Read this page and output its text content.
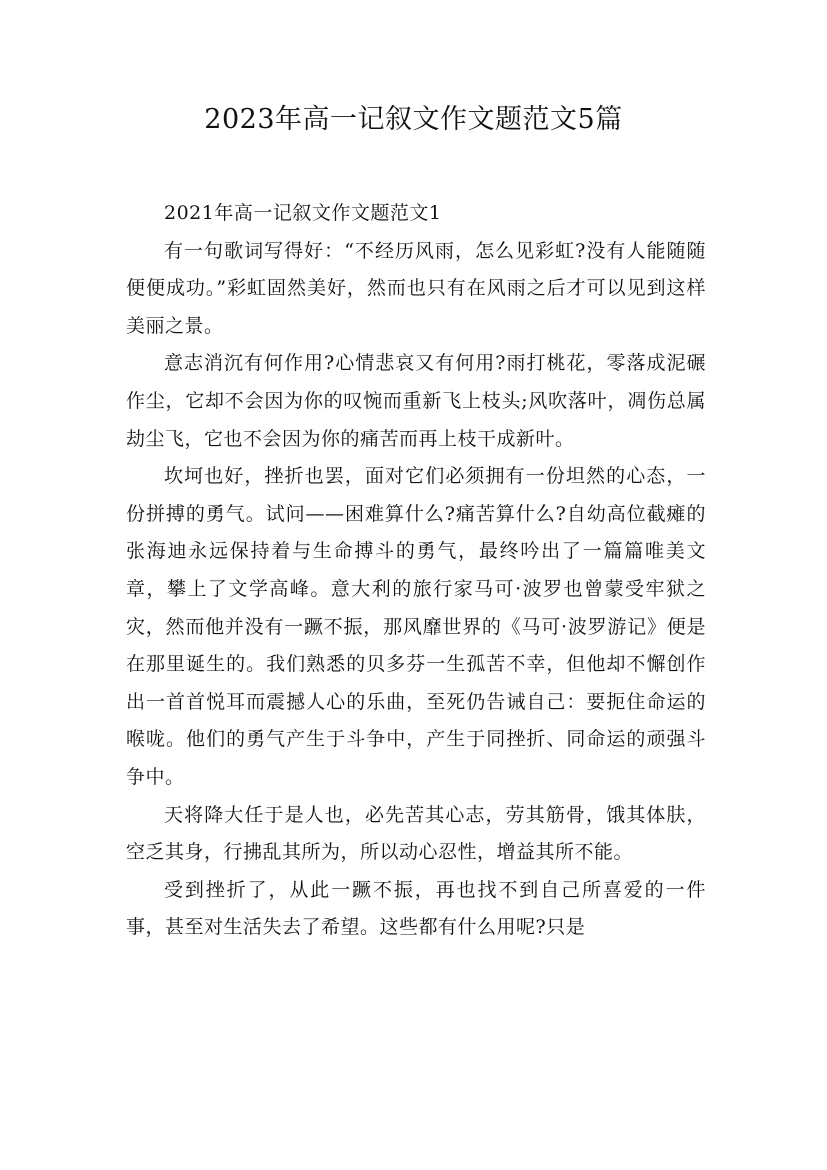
2023年高一记叙文作文题范文5篇

2021年高一记叙文作文题范文1

有一句歌词写得好：“不经历风雨，怎么见彩虹?没有人能随随便便成功。”彩虹固然美好，然而也只有在风雨之后才可以见到这样美丽之景。

意志消沉有何作用?心情悲哀又有何用?雨打桃花，零落成泥碾作尘，它却不会因为你的叹惋而重新飞上枝头;风吹落叶，凋伤总属劫尘飞，它也不会因为你的痛苦而再上枝干成新叶。

坎坷也好，挫折也罢，面对它们必须拥有一份坦然的心态，一份拼搏的勇气。试问——困难算什么?痛苦算什么?自幼高位截瘫的张海迪永远保持着与生命搏斗的勇气，最终吟出了一篇篇唯美文章，攀上了文学高峰。意大利的旅行家马可·波罗也曾蒙受牢狱之灾，然而他并没有一蹶不振，那风靡世界的《马可·波罗游记》便是在那里诞生的。我们熟悉的贝多芬一生孤苦不幸，但他却不懈创作出一首首悦耳而震撼人心的乐曲，至死仍告诫自己：要扼住命运的喉咙。他们的勇气产生于斗争中，产生于同挫折、同命运的顽强斗争中。

天将降大任于是人也，必先苦其心志，劳其筋骨，饿其体肤，空乏其身，行拂乱其所为，所以动心忍性，增益其所不能。

受到挫折了，从此一蹶不振，再也找不到自己所喜爱的一件事，甚至对生活失去了希望。这些都有什么用呢?只是
